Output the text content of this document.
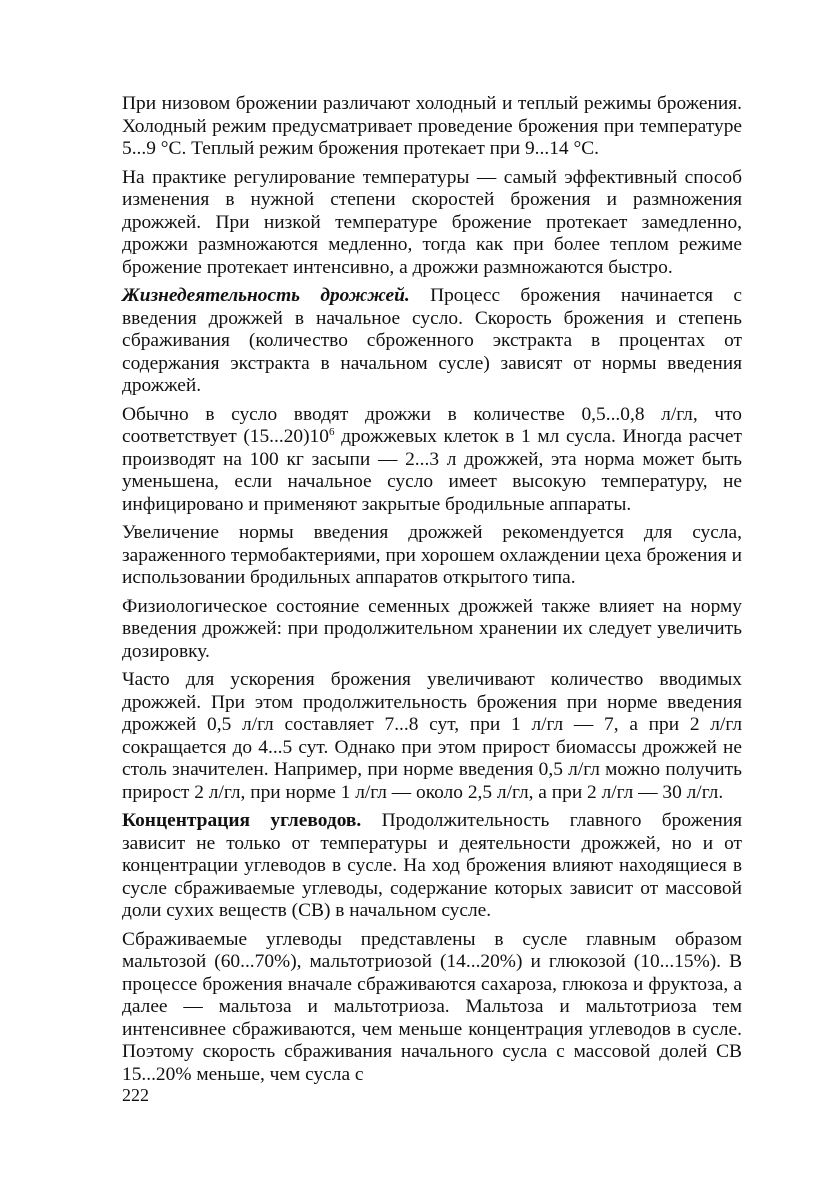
При низовом брожении различают холодный и теплый режимы брожения. Холодный режим предусматривает проведение брожения при температуре 5...9 °С. Теплый режим брожения протекает при 9...14 °С.

На практике регулирование температуры — самый эффективный способ изменения в нужной степени скоростей брожения и размножения дрожжей. При низкой температуре брожение протекает замедленно, дрожжи размножаются медленно, тогда как при более теплом режиме брожение протекает интенсивно, а дрожжи размножаются быстро.

Жизнедеятельность дрожжей. Процесс брожения начинается с введения дрожжей в начальное сусло. Скорость брожения и степень сбраживания (количество сброженного экстракта в процентах от содержания экстракта в начальном сусле) зависят от нормы введения дрожжей.

Обычно в сусло вводят дрожжи в количестве 0,5...0,8 л/гл, что соответствует $(15...20)10^6$ дрожжевых клеток в 1 мл сусла. Иногда расчет производят на 100 кг засыпи — 2...3 л дрожжей, эта норма может быть уменьшена, если начальное сусло имеет высокую температуру, не инфицировано и применяют закрытые бродильные аппараты.

Увеличение нормы введения дрожжей рекомендуется для сусла, зараженного термобактериями, при хорошем охлаждении цеха брожения и использовании бродильных аппаратов открытого типа.

Физиологическое состояние семенных дрожжей также влияет на норму введения дрожжей: при продолжительном хранении их следует увеличить дозировку.

Часто для ускорения брожения увеличивают количество вводимых дрожжей. При этом продолжительность брожения при норме введения дрожжей 0,5 л/гл составляет 7...8 сут, при 1 л/гл — 7, а при 2 л/гл сокращается до 4...5 сут. Однако при этом прирост биомассы дрожжей не столь значителен. Например, при норме введения 0,5 л/гл можно получить прирост 2 л/гл, при норме 1 л/гл — около 2,5 л/гл, а при 2 л/гл — 30 л/гл.

Концентрация углеводов. Продолжительность главного брожения зависит не только от температуры и деятельности дрожжей, но и от концентрации углеводов в сусле. На ход брожения влияют находящиеся в сусле сбраживаемые углеводы, содержание которых зависит от массовой доли сухих веществ (СВ) в начальном сусле.

Сбраживаемые углеводы представлены в сусле главным образом мальтозой (60...70%), мальтотриозой (14...20%) и глюкозой (10...15%). В процессе брожения вначале сбраживаются сахароза, глюкоза и фруктоза, а далее — мальтоза и мальтотриоза. Мальтоза и мальтотриоза тем интенсивнее сбраживаются, чем меньше концентрация углеводов в сусле. Поэтому скорость сбраживания начального сусла с массовой долей СВ 15...20% меньше, чем сусла с

222
